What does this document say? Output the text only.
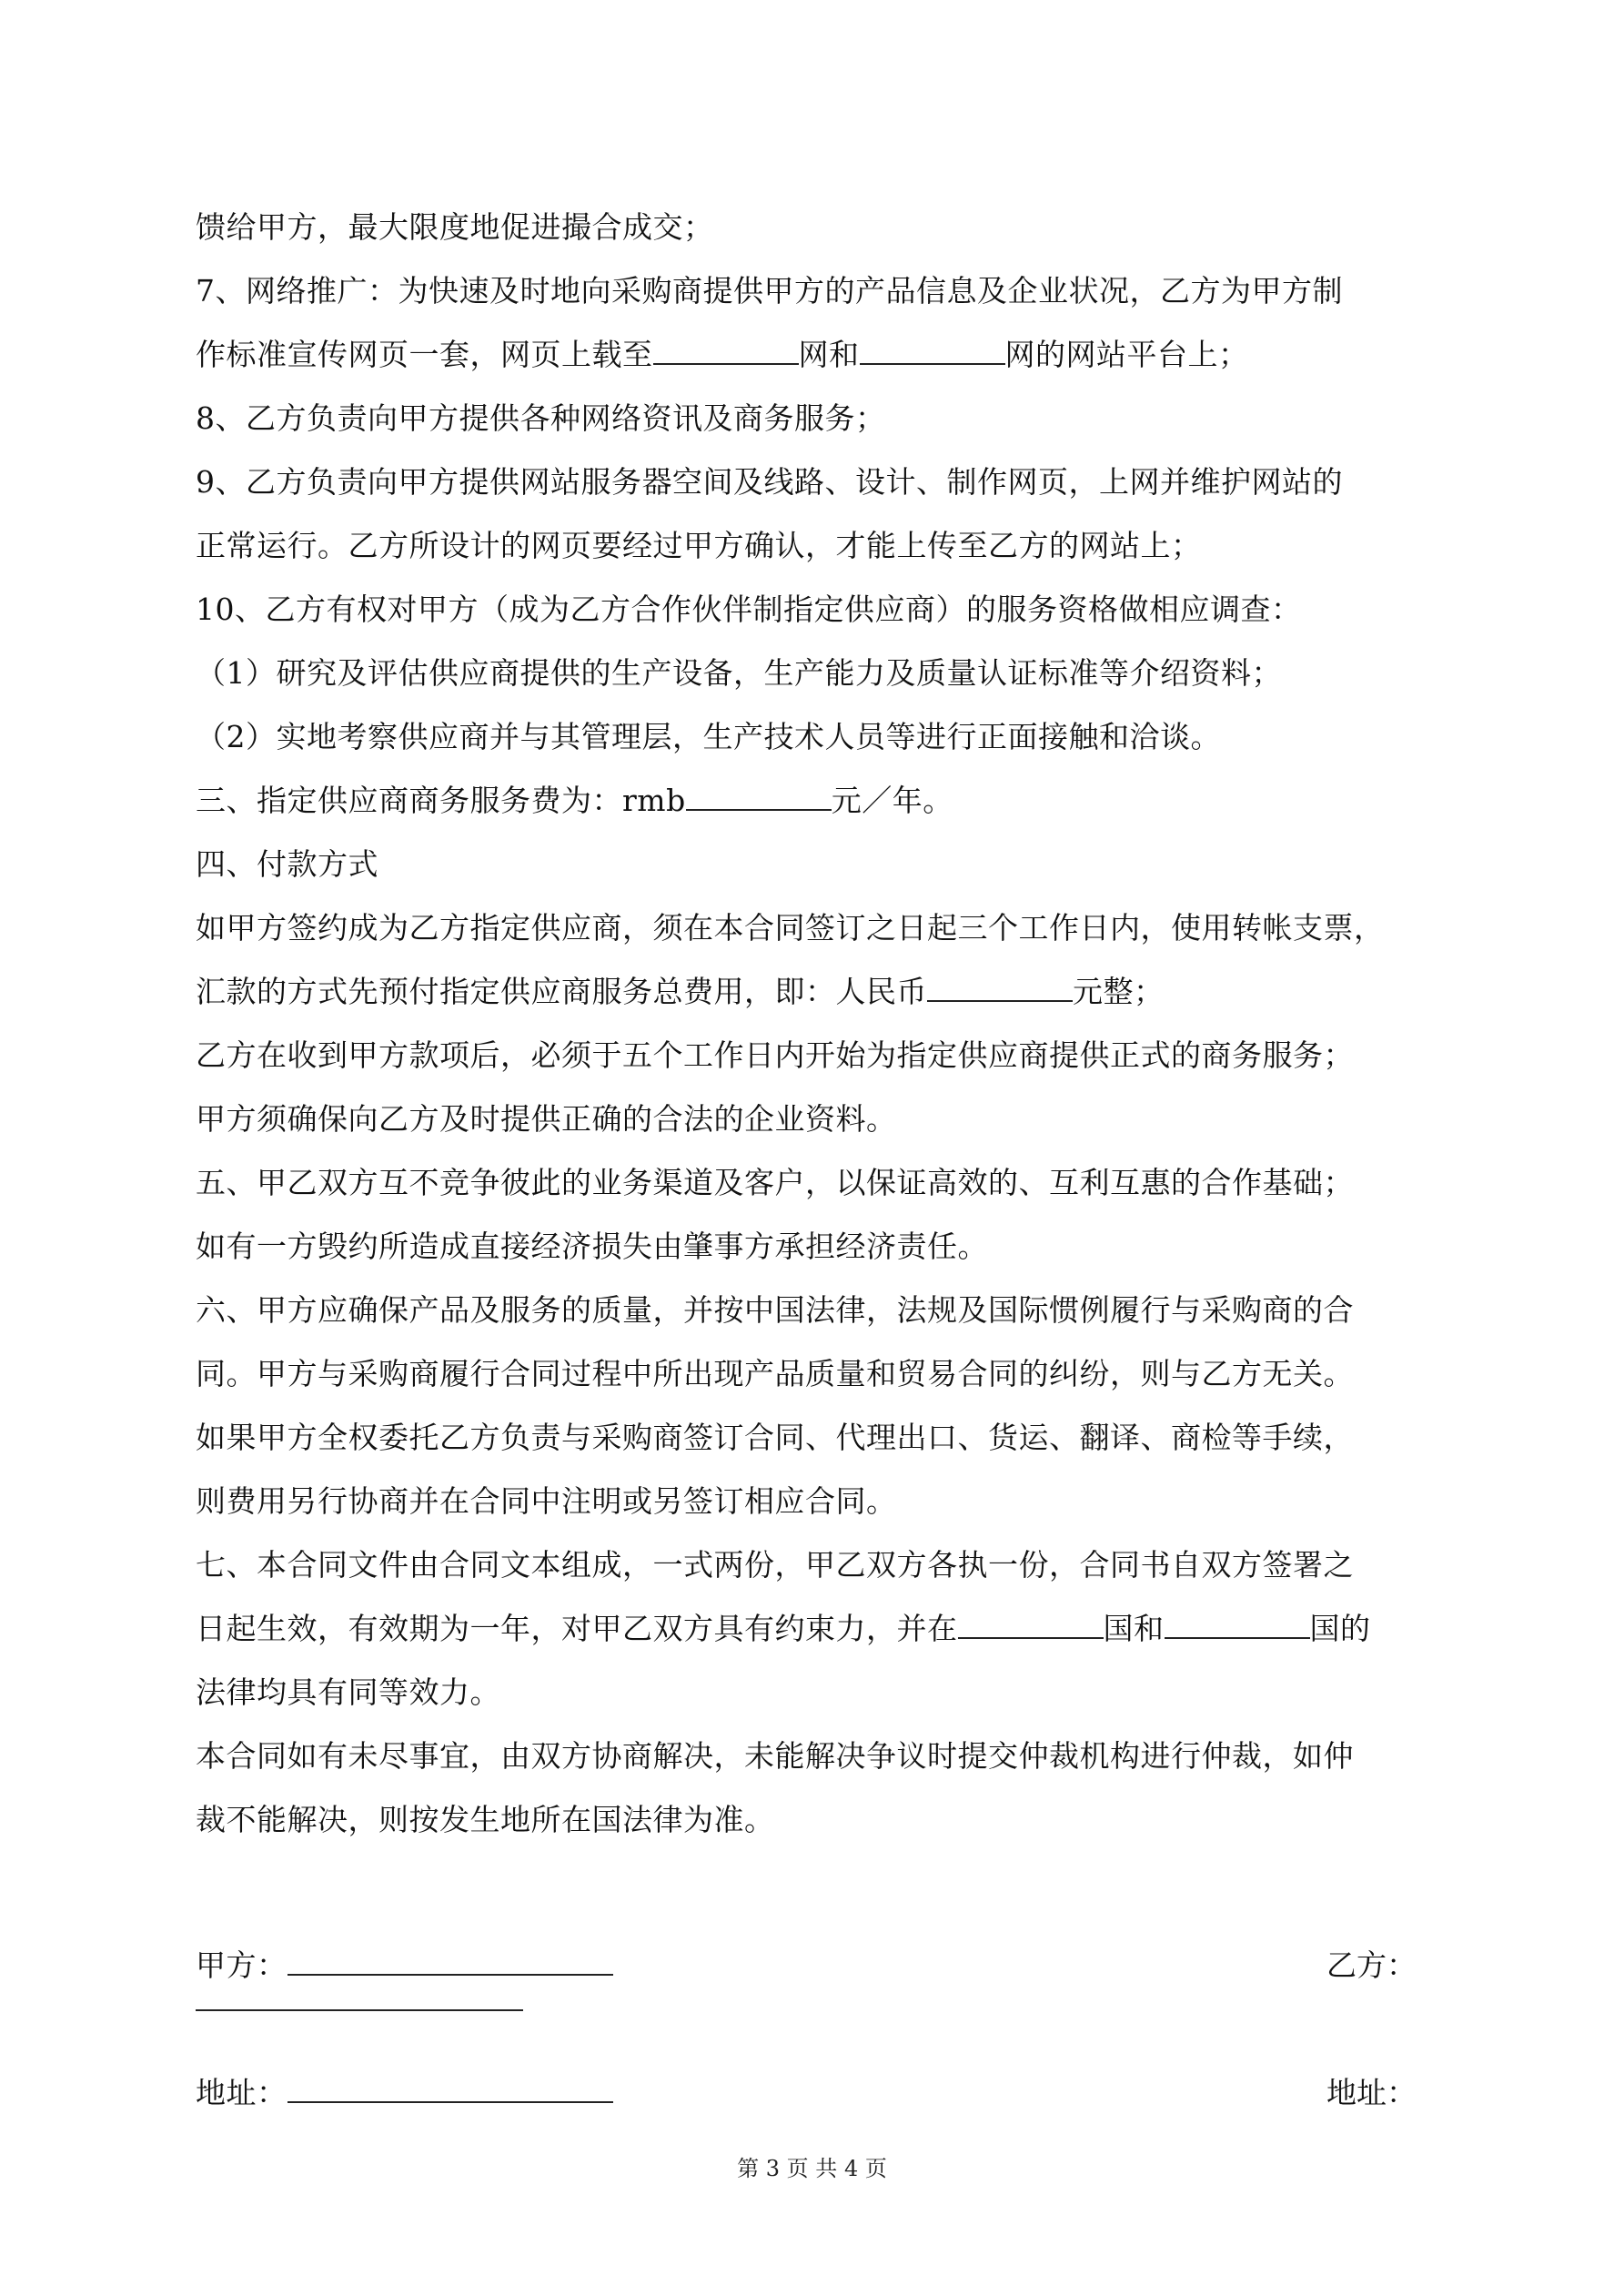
馈给甲方，最大限度地促进撮合成交；
7、网络推广：为快速及时地向采购商提供甲方的产品信息及企业状况，乙方为甲方制
作标准宣传网页一套，网页上载至	网和	网的网站平台上；
8、乙方负责向甲方提供各种网络资讯及商务服务；
9、乙方负责向甲方提供网站服务器空间及线路、设计、制作网页，上网并维护网站的
正常运行。乙方所设计的网页要经过甲方确认，才能上传至乙方的网站上；
10、乙方有权对甲方（成为乙方合作伙伴制指定供应商）的服务资格做相应调查：
（1）研究及评估供应商提供的生产设备，生产能力及质量认证标准等介绍资料；
（2）实地考察供应商并与其管理层，生产技术人员等进行正面接触和洽谈。
三、指定供应商商务服务费为：rmb	元／年。
四、付款方式
如甲方签约成为乙方指定供应商，须在本合同签订之日起三个工作日内，使用转帐支票，
汇款的方式先预付指定供应商服务总费用，即：人民币	元整；
乙方在收到甲方款项后，必须于五个工作日内开始为指定供应商提供正式的商务服务；
甲方须确保向乙方及时提供正确的合法的企业资料。
五、甲乙双方互不竞争彼此的业务渠道及客户，以保证高效的、互利互惠的合作基础；
如有一方毁约所造成直接经济损失由肇事方承担经济责任。
六、甲方应确保产品及服务的质量，并按中国法律，法规及国际惯例履行与采购商的合
同。甲方与采购商履行合同过程中所出现产品质量和贸易合同的纠纷，则与乙方无关。
如果甲方全权委托乙方负责与采购商签订合同、代理出口、货运、翻译、商检等手续，
则费用另行协商并在合同中注明或另签订相应合同。
七、本合同文件由合同文本组成，一式两份，甲乙双方各执一份，合同书自双方签署之
日起生效，有效期为一年，对甲乙双方具有约束力，并在	国和	国的
法律均具有同等效力。
本合同如有未尽事宜，由双方协商解决，未能解决争议时提交仲裁机构进行仲裁，如仲
裁不能解决，则按发生地所在国法律为准。
甲方：	乙方：
地址：	地址：
第 3 页 共 4 页
